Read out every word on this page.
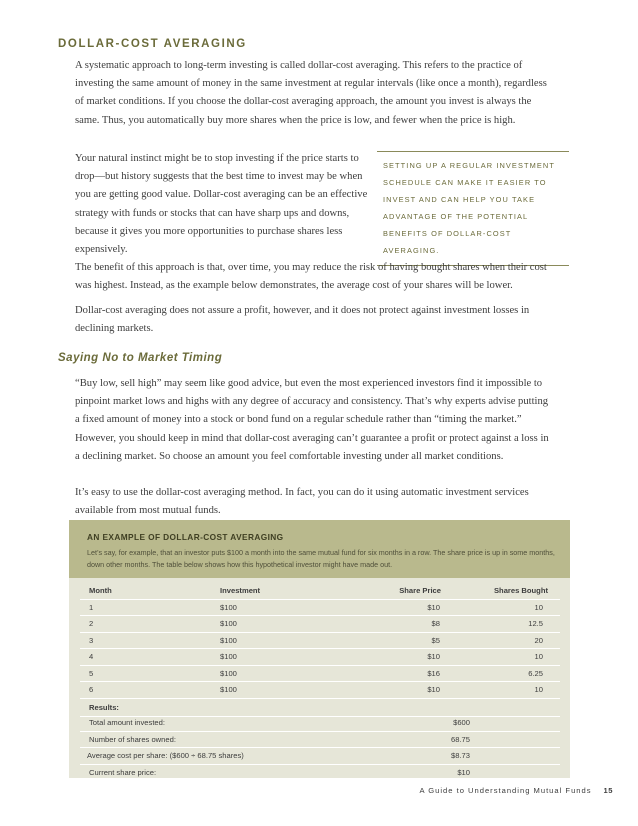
DOLLAR-COST AVERAGING
A systematic approach to long-term investing is called dollar-cost averaging. This refers to the practice of investing the same amount of money in the same investment at regular intervals (like once a month), regardless of market conditions. If you choose the dollar-cost averaging approach, the amount you invest is always the same. Thus, you automatically buy more shares when the price is low, and fewer when the price is high.
Your natural instinct might be to stop investing if the price starts to drop—but history suggests that the best time to invest may be when you are getting good value. Dollar-cost averaging can be an effective strategy with funds or stocks that can have sharp ups and downs, because it gives you more opportunities to purchase shares less expensively.
SETTING UP A REGULAR INVESTMENT
SCHEDULE CAN MAKE IT EASIER TO
INVEST AND CAN HELP YOU TAKE
ADVANTAGE OF THE POTENTIAL
BENEFITS OF DOLLAR-COST AVERAGING.
The benefit of this approach is that, over time, you may reduce the risk of having bought shares when their cost was highest. Instead, as the example below demonstrates, the average cost of your shares will be lower.
Dollar-cost averaging does not assure a profit, however, and it does not protect against investment losses in declining markets.
Saying No to Market Timing
“Buy low, sell high” may seem like good advice, but even the most experienced investors find it impossible to pinpoint market lows and highs with any degree of accuracy and consistency. That’s why experts advise putting a fixed amount of money into a stock or bond fund on a regular schedule rather than “timing the market.” However, you should keep in mind that dollar-cost averaging can’t guarantee a profit or protect against a loss in a declining market. So choose an amount you feel comfortable investing under all market conditions.
It’s easy to use the dollar-cost averaging method. In fact, you can do it using automatic investment services available from most mutual funds.
AN EXAMPLE OF DOLLAR-COST AVERAGING
Let’s say, for example, that an investor puts $100 a month into the same mutual fund for six months in a row. The share price is up in some months, down other months. The table below shows how this hypothetical investor might have made out.
Month	Investment	Share Price	Shares Bought
1	$100	$10	10
2	$100	$8	12.5
3	$100	$5	20
4	$100	$10	10
5	$100	$16	6.25
6	$100	$10	10
Results:
Total amount invested:	$600
Number of shares owned:	68.75
Average cost per share: ($600 ÷ 68.75 shares)	$8.73
Current share price:	$10
A Guide to Understanding Mutual Funds 15
